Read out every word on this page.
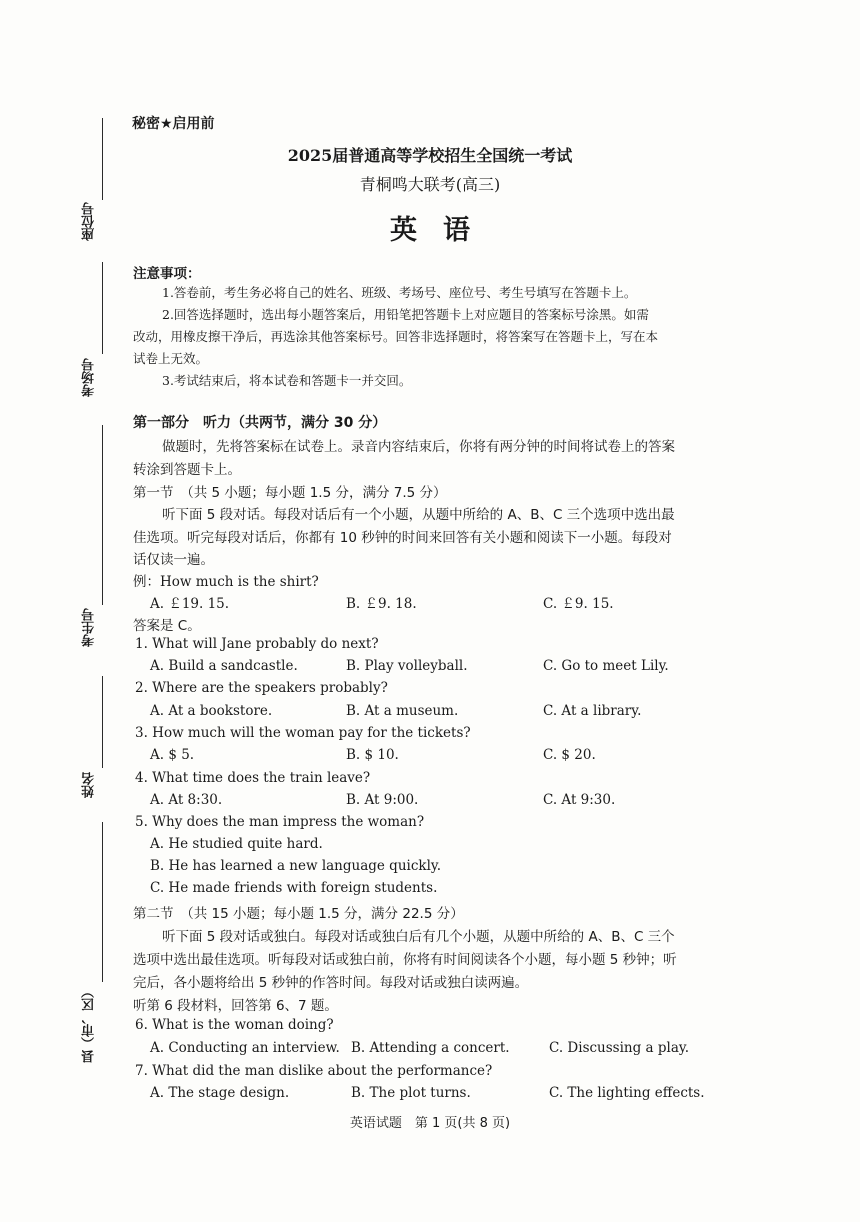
座位号
考场号
考生号
姓名
县（市、区）
秘密★启用前
2025届普通高等学校招生全国统一考试
青桐鸣大联考(高三)
英语
注意事项：
1.答卷前，考生务必将自己的姓名、班级、考场号、座位号、考生号填写在答题卡上。
2.回答选择题时，选出每小题答案后，用铅笔把答题卡上对应题目的答案标号涂黑。如需
改动，用橡皮擦干净后，再选涂其他答案标号。回答非选择题时，将答案写在答题卡上，写在本
试卷上无效。
3.考试结束后，将本试卷和答题卡一并交回。
第一部分　听力（共两节，满分 30 分）
做题时，先将答案标在试卷上。录音内容结束后，你将有两分钟的时间将试卷上的答案
转涂到答题卡上。
第一节　（共 5 小题；每小题 1.5 分，满分 7.5 分）
听下面 5 段对话。每段对话后有一个小题，从题中所给的 A、B、C 三个选项中选出最
佳选项。听完每段对话后，你都有 10 秒钟的时间来回答有关小题和阅读下一小题。每段对
话仅读一遍。
例：How much is the shirt?
A. ￡19. 15.	B. ￡9. 18.	C. ￡9. 15.
答案是 C。
1. What will Jane probably do next?
A. Build a sandcastle.	B. Play volleyball.	C. Go to meet Lily.
2. Where are the speakers probably?
A. At a bookstore.	B. At a museum.	C. At a library.
3. How much will the woman pay for the tickets?
A. $ 5.	B. $ 10.	C. $ 20.
4. What time does the train leave?
A. At 8:30.	B. At 9:00.	C. At 9:30.
5. Why does the man impress the woman?
A. He studied quite hard.
B. He has learned a new language quickly.
C. He made friends with foreign students.
第二节　（共 15 小题；每小题 1.5 分，满分 22.5 分）
听下面 5 段对话或独白。每段对话或独白后有几个小题，从题中所给的 A、B、C 三个
选项中选出最佳选项。听每段对话或独白前，你将有时间阅读各个小题，每小题 5 秒钟；听
完后，各小题将给出 5 秒钟的作答时间。每段对话或独白读两遍。
听第 6 段材料，回答第 6、7 题。
6. What is the woman doing?
A. Conducting an interview. B. Attending a concert.	C. Discussing a play.
7. What did the man dislike about the performance?
A. The stage design.	B. The plot turns.	C. The lighting effects.
英语试题　第 1 页(共 8 页)
